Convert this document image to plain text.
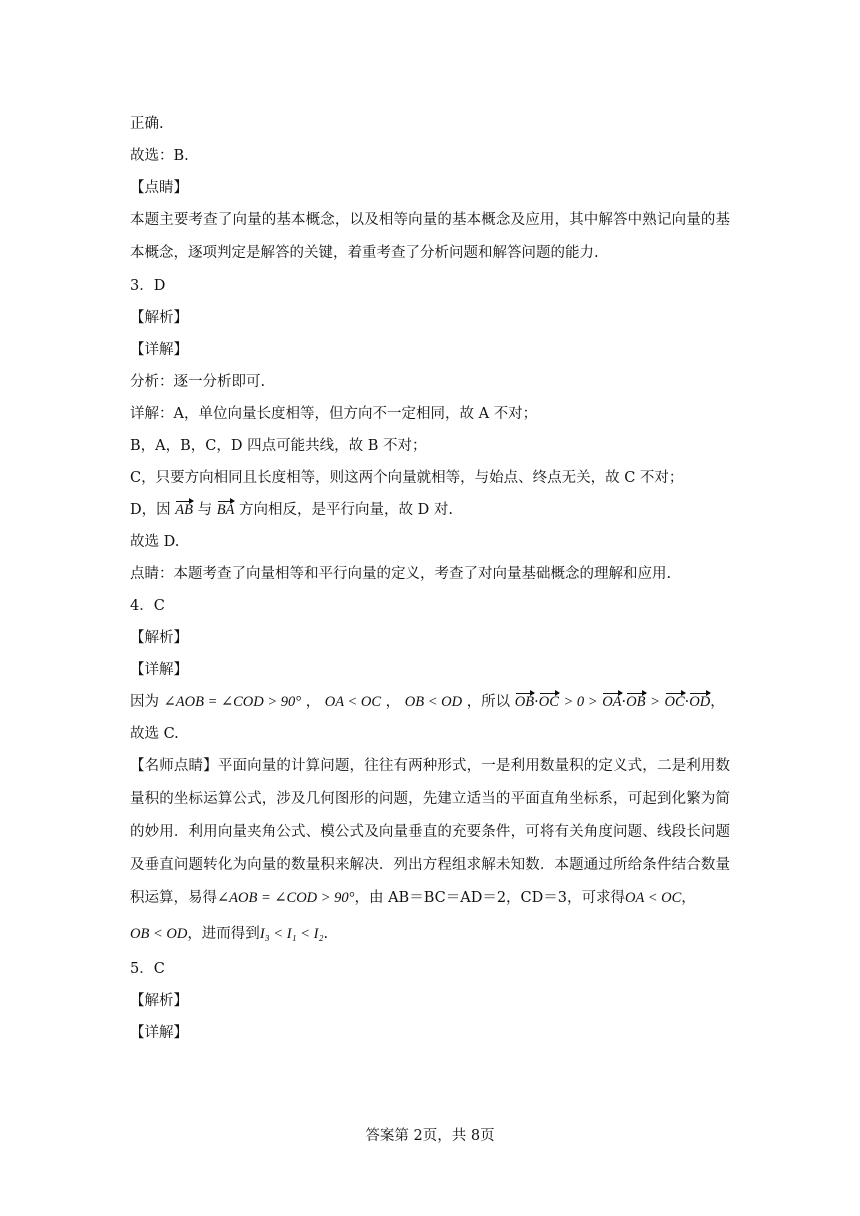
正确.

故选：B.

【点睛】

本题主要考查了向量的基本概念，以及相等向量的基本概念及应用，其中解答中熟记向量的基本概念，逐项判定是解答的关键，着重考查了分析问题和解答问题的能力.

3．D

【解析】

【详解】

分析：逐一分析即可.

详解：A，单位向量长度相等，但方向不一定相同，故 A 不对；

B，A，B，C，D 四点可能共线，故 B 不对；

C，只要方向相同且长度相等，则这两个向量就相等，与始点、终点无关，故 C 不对；

D，因 AB 与 BA 方向相反，是平行向量，故 D 对.

故选 D.

点睛：本题考查了向量相等和平行向量的定义，考查了对向量基础概念的理解和应用.

4．C

【解析】

【详解】

因为 ∠AOB = ∠COD > 90° ， OA < OC ， OB < OD ，所以 OB·OC > 0 > OA·OB > OC·OD，

故选 C.

【名师点睛】平面向量的计算问题，往往有两种形式，一是利用数量积的定义式，二是利用数量积的坐标运算公式，涉及几何图形的问题，先建立适当的平面直角坐标系，可起到化繁为简的妙用．利用向量夹角公式、模公式及向量垂直的充要条件，可将有关角度问题、线段长问题及垂直问题转化为向量的数量积来解决．列出方程组求解未知数．本题通过所给条件结合数量积运算，易得∠AOB = ∠COD > 90°，由 AB＝BC＝AD＝2，CD＝3，可求得OA < OC，

OB < OD，进而得到I₃ < I₁ < I₂.

5．C

【解析】

【详解】

答案第 2页，共 8页
